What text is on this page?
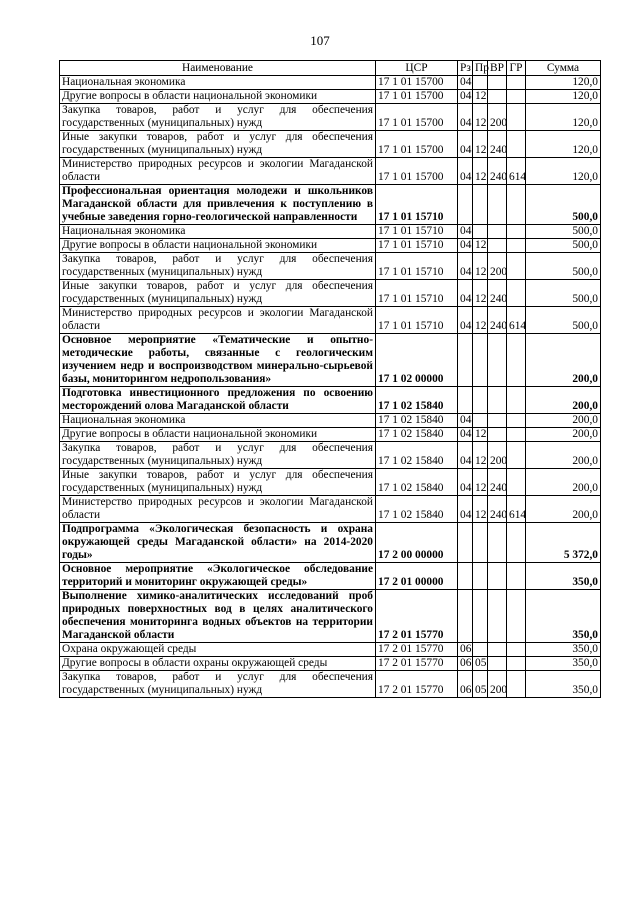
107
Наименование	ЦСР	Рз	Пр	ВР	ГР	Сумма
Национальная экономика	17 1 01 15700	04				120,0
Другие вопросы в области национальной экономики	17 1 01 15700	04	12			120,0
Закупка товаров, работ и услуг для обеспечения государственных (муниципальных) нужд	17 1 01 15700	04	12	200		120,0
Иные закупки товаров, работ и услуг для обеспечения государственных (муниципальных) нужд	17 1 01 15700	04	12	240		120,0
Министерство природных ресурсов и экологии Магаданской области	17 1 01 15700	04	12	240	614	120,0
Профессиональная ориентация молодежи и школьников Магаданской области для привлечения к поступлению в учебные заведения горно-геологической направленности	17 1 01 15710					500,0
Национальная экономика	17 1 01 15710	04				500,0
Другие вопросы в области национальной экономики	17 1 01 15710	04	12			500,0
Закупка товаров, работ и услуг для обеспечения государственных (муниципальных) нужд	17 1 01 15710	04	12	200		500,0
Иные закупки товаров, работ и услуг для обеспечения государственных (муниципальных) нужд	17 1 01 15710	04	12	240		500,0
Министерство природных ресурсов и экологии Магаданской области	17 1 01 15710	04	12	240	614	500,0
Основное мероприятие «Тематические и опытно-методические работы, связанные с геологическим изучением недр и воспроизводством минерально-сырьевой базы, мониторингом недропользования»	17 1 02 00000					200,0
Подготовка инвестиционного предложения по освоению месторождений олова Магаданской области	17 1 02 15840					200,0
Национальная экономика	17 1 02 15840	04				200,0
Другие вопросы в области национальной экономики	17 1 02 15840	04	12			200,0
Закупка товаров, работ и услуг для обеспечения государственных (муниципальных) нужд	17 1 02 15840	04	12	200		200,0
Иные закупки товаров, работ и услуг для обеспечения государственных (муниципальных) нужд	17 1 02 15840	04	12	240		200,0
Министерство природных ресурсов и экологии Магаданской области	17 1 02 15840	04	12	240	614	200,0
Подпрограмма «Экологическая безопасность и охрана окружающей среды Магаданской области» на 2014-2020 годы»	17 2 00 00000					5 372,0
Основное мероприятие «Экологическое обследование территорий и мониторинг окружающей среды»	17 2 01 00000					350,0
Выполнение химико-аналитических исследований проб природных поверхностных вод в целях аналитического обеспечения мониторинга водных объектов на территории Магаданской области	17 2 01 15770					350,0
Охрана окружающей среды	17 2 01 15770	06				350,0
Другие вопросы в области охраны окружающей среды	17 2 01 15770	06	05			350,0
Закупка товаров, работ и услуг для обеспечения государственных (муниципальных) нужд	17 2 01 15770	06	05	200		350,0
